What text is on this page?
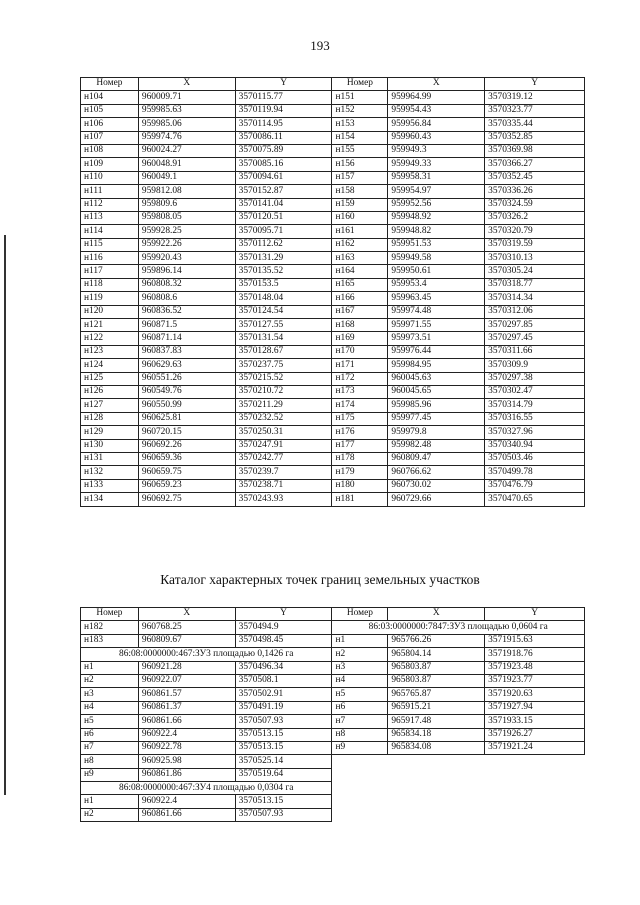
193
Номер	X	Y	Номер	X	Y
н104	960009.71	3570115.77	н151	959964.99	3570319.12
н105	959985.63	3570119.94	н152	959954.43	3570323.77
н106	959985.06	3570114.95	н153	959956.84	3570335.44
н107	959974.76	3570086.11	н154	959960.43	3570352.85
н108	960024.27	3570075.89	н155	959949.3	3570369.98
н109	960048.91	3570085.16	н156	959949.33	3570366.27
н110	960049.1	3570094.61	н157	959958.31	3570352.45
н111	959812.08	3570152.87	н158	959954.97	3570336.26
н112	959809.6	3570141.04	н159	959952.56	3570324.59
н113	959808.05	3570120.51	н160	959948.92	3570326.2
н114	959928.25	3570095.71	н161	959948.82	3570320.79
н115	959922.26	3570112.62	н162	959951.53	3570319.59
н116	959920.43	3570131.29	н163	959949.58	3570310.13
н117	959896.14	3570135.52	н164	959950.61	3570305.24
н118	960808.32	3570153.5	н165	959953.4	3570318.77
н119	960808.6	3570148.04	н166	959963.45	3570314.34
н120	960836.52	3570124.54	н167	959974.48	3570312.06
н121	960871.5	3570127.55	н168	959971.55	3570297.85
н122	960871.14	3570131.54	н169	959973.51	3570297.45
н123	960837.83	3570128.67	н170	959976.44	3570311.66
н124	960629.63	3570237.75	н171	959984.95	3570309.9
н125	960551.26	3570215.52	н172	960045.63	3570297.38
н126	960549.76	3570210.72	н173	960045.65	3570302.47
н127	960550.99	3570211.29	н174	959985.96	3570314.79
н128	960625.81	3570232.52	н175	959977.45	3570316.55
н129	960720.15	3570250.31	н176	959979.8	3570327.96
н130	960692.26	3570247.91	н177	959982.48	3570340.94
н131	960659.36	3570242.77	н178	960809.47	3570503.46
н132	960659.75	3570239.7	н179	960766.62	3570499.78
н133	960659.23	3570238.71	н180	960730.02	3570476.79
н134	960692.75	3570243.93	н181	960729.66	3570470.65
Каталог характерных точек границ земельных участков
Номер	X	Y	Номер	X	Y
н182	960768.25	3570494.9	86:03:0000000:7847:ЗУ3 площадью 0,0604 га		
н183	960809.67	3570498.45	н1	965766.26	3571915.63
86:08:0000000:467:ЗУ3 площадью 0,1426 га			н2	965804.14	3571918.76
н1	960921.28	3570496.34	н3	965803.87	3571923.48
н2	960922.07	3570508.1	н4	965803.87	3571923.77
н3	960861.57	3570502.91	н5	965765.87	3571920.63
н4	960861.37	3570491.19	н6	965915.21	3571927.94
н5	960861.66	3570507.93	н7	965917.48	3571933.15
н6	960922.4	3570513.15	н8	965834.18	3571926.27
н7	960922.78	3570513.15	н9	965834.08	3571921.24
н8	960925.98	3570525.14			
н9	960861.86	3570519.64			
86:08:0000000:467:ЗУ4 площадью 0,0304 га					
н1	960922.4	3570513.15			
н2	960861.66	3570507.93			
